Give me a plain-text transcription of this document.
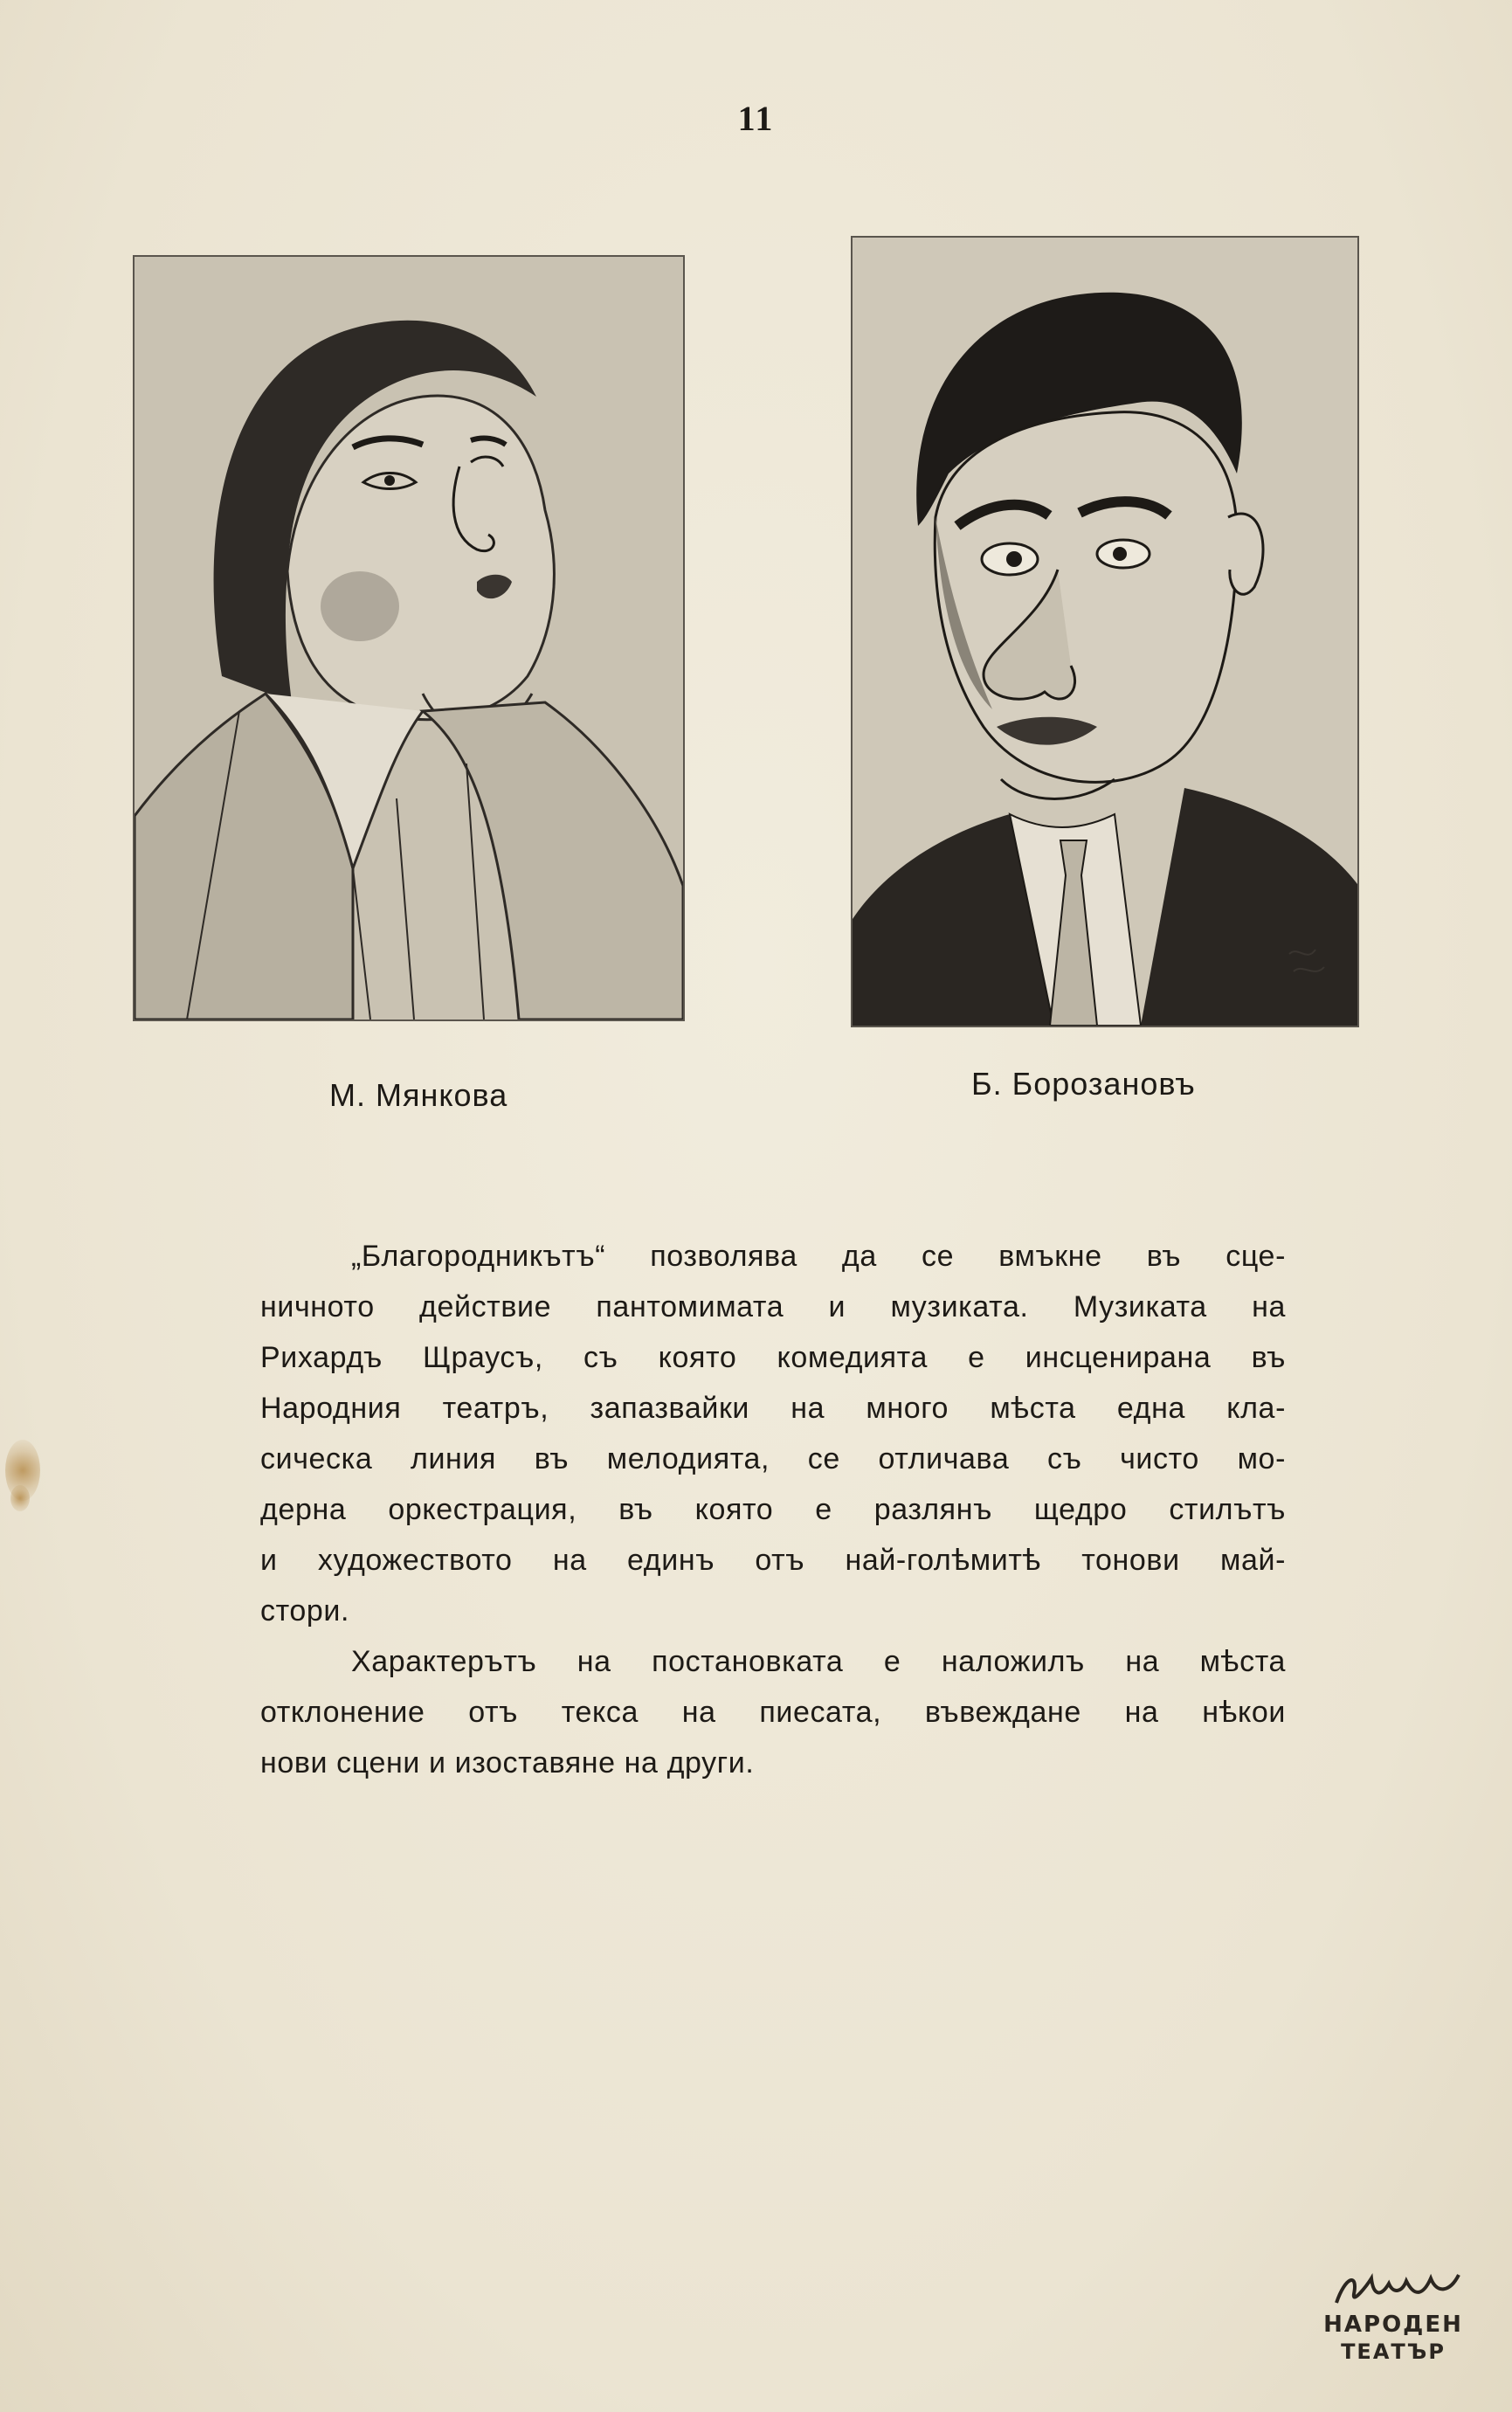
11
М. Мянкова	Б. Борозановъ
„Благородникътъ“ позволява да се вмъкне въ сце-
ничното действие пантомимата и музиката. Музиката на
Рихардъ Щраусъ, съ която комедията е инсценирана въ
Народния театръ, запазвайки на много мѣста една кла-
сическа линия въ мелодията, се отличава съ чисто мо-
дерна оркестрация, въ която е разлянъ щедро стилътъ
и художеството на единъ отъ най-голѣмитѣ тонови май-
стори.
Характерътъ на постановката е наложилъ на мѣста
отклонение отъ текса на пиесата, въвеждане на нѣкои
нови сцени и изоставяне на други.
НАРОДЕН
ТЕАТЪР
